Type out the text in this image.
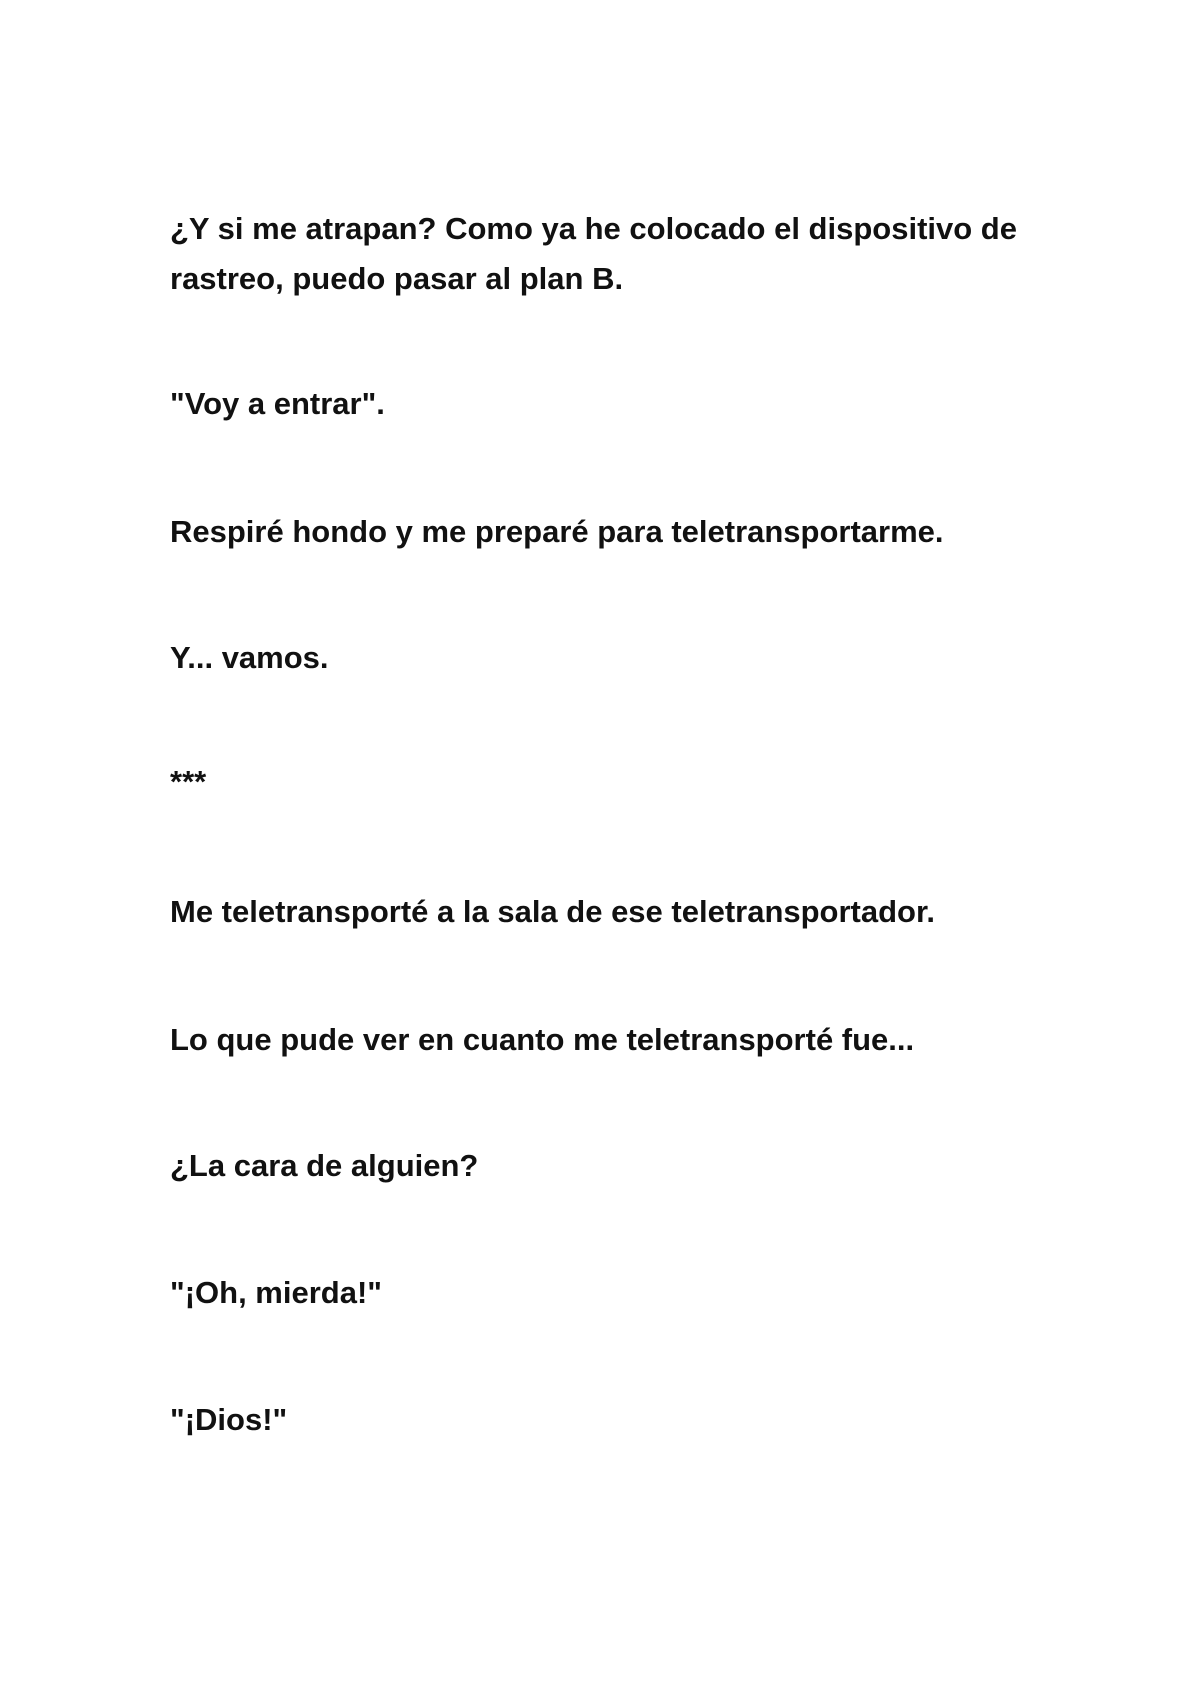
¿Y si me atrapan? Como ya he colocado el dispositivo de rastreo, puedo pasar al plan B.

"Voy a entrar".

Respiré hondo y me preparé para teletransportarme.

Y... vamos.

***

Me teletransporté a la sala de ese teletransportador.

Lo que pude ver en cuanto me teletransporté fue...

¿La cara de alguien?

"¡Oh, mierda!"

"¡Dios!"
